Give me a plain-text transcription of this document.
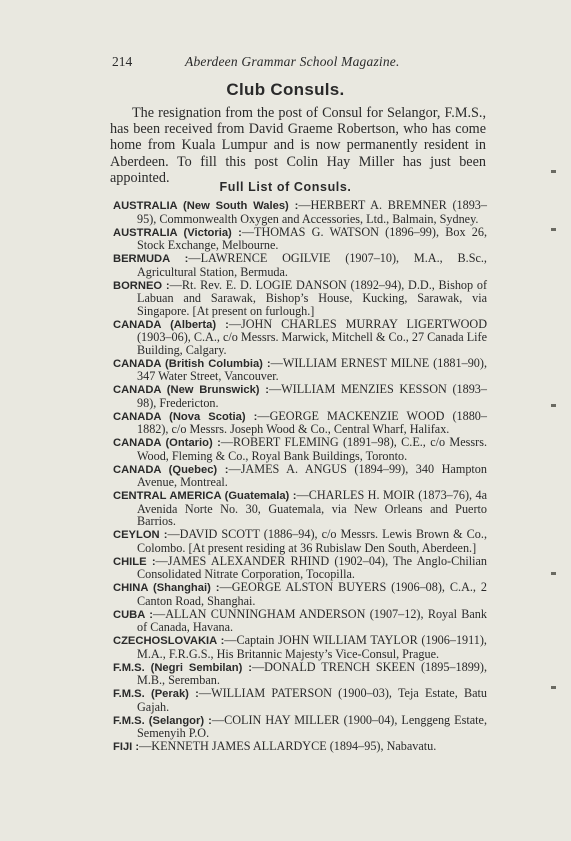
214	Aberdeen Grammar School Magazine.
Club Consuls.

The resignation from the post of Consul for Selangor, F.M.S., has been received from David Graeme Robertson, who has come home from Kuala Lumpur and is now permanently resident in Aberdeen. To fill this post Colin Hay Miller has just been appointed.

Full List of Consuls.

AUSTRALIA (New South Wales) :—HERBERT A. BREMNER (1893–95), Commonwealth Oxygen and Accessories, Ltd., Balmain, Sydney.

AUSTRALIA (Victoria) :—THOMAS G. WATSON (1896–99), Box 26, Stock Exchange, Melbourne.

BERMUDA :—LAWRENCE OGILVIE (1907–10), M.A., B.Sc., Agricultural Station, Bermuda.

BORNEO :—Rt. Rev. E. D. LOGIE DANSON (1892–94), D.D., Bishop of Labuan and Sarawak, Bishop’s House, Kucking, Sarawak, via Singapore. [At present on furlough.]

CANADA (Alberta) :—JOHN CHARLES MURRAY LIGERTWOOD (1903–06), C.A., c/o Messrs. Marwick, Mitchell & Co., 27 Canada Life Building, Calgary.

CANADA (British Columbia) :—WILLIAM ERNEST MILNE (1881–90), 347 Water Street, Vancouver.

CANADA (New Brunswick) :—WILLIAM MENZIES KESSON (1893–98), Fredericton.

CANADA (Nova Scotia) :—GEORGE MACKENZIE WOOD (1880–1882), c/o Messrs. Joseph Wood & Co., Central Wharf, Halifax.

CANADA (Ontario) :—ROBERT FLEMING (1891–98), C.E., c/o Messrs. Wood, Fleming & Co., Royal Bank Buildings, Toronto.

CANADA (Quebec) :—JAMES A. ANGUS (1894–99), 340 Hampton Avenue, Montreal.

CENTRAL AMERICA (Guatemala) :—CHARLES H. MOIR (1873–76), 4a Avenida Norte No. 30, Guatemala, via New Orleans and Puerto Barrios.

CEYLON :—DAVID SCOTT (1886–94), c/o Messrs. Lewis Brown & Co., Colombo. [At present residing at 36 Rubislaw Den South, Aberdeen.]

CHILE :—JAMES ALEXANDER RHIND (1902–04), The Anglo-Chilian Consolidated Nitrate Corporation, Tocopilla.

CHINA (Shanghai) :—GEORGE ALSTON BUYERS (1906–08), C.A., 2 Canton Road, Shanghai.

CUBA :—ALLAN CUNNINGHAM ANDERSON (1907–12), Royal Bank of Canada, Havana.

CZECHOSLOVAKIA :—Captain JOHN WILLIAM TAYLOR (1906–1911), M.A., F.R.G.S., His Britannic Majesty’s Vice-Consul, Prague.

F.M.S. (Negri Sembilan) :—DONALD TRENCH SKEEN (1895–1899), M.B., Seremban.

F.M.S. (Perak) :—WILLIAM PATERSON (1900–03), Teja Estate, Batu Gajah.

F.M.S. (Selangor) :—COLIN HAY MILLER (1900–04), Lenggeng Estate, Semenyih P.O.

FIJI :—KENNETH JAMES ALLARDYCE (1894–95), Nabavatu.
